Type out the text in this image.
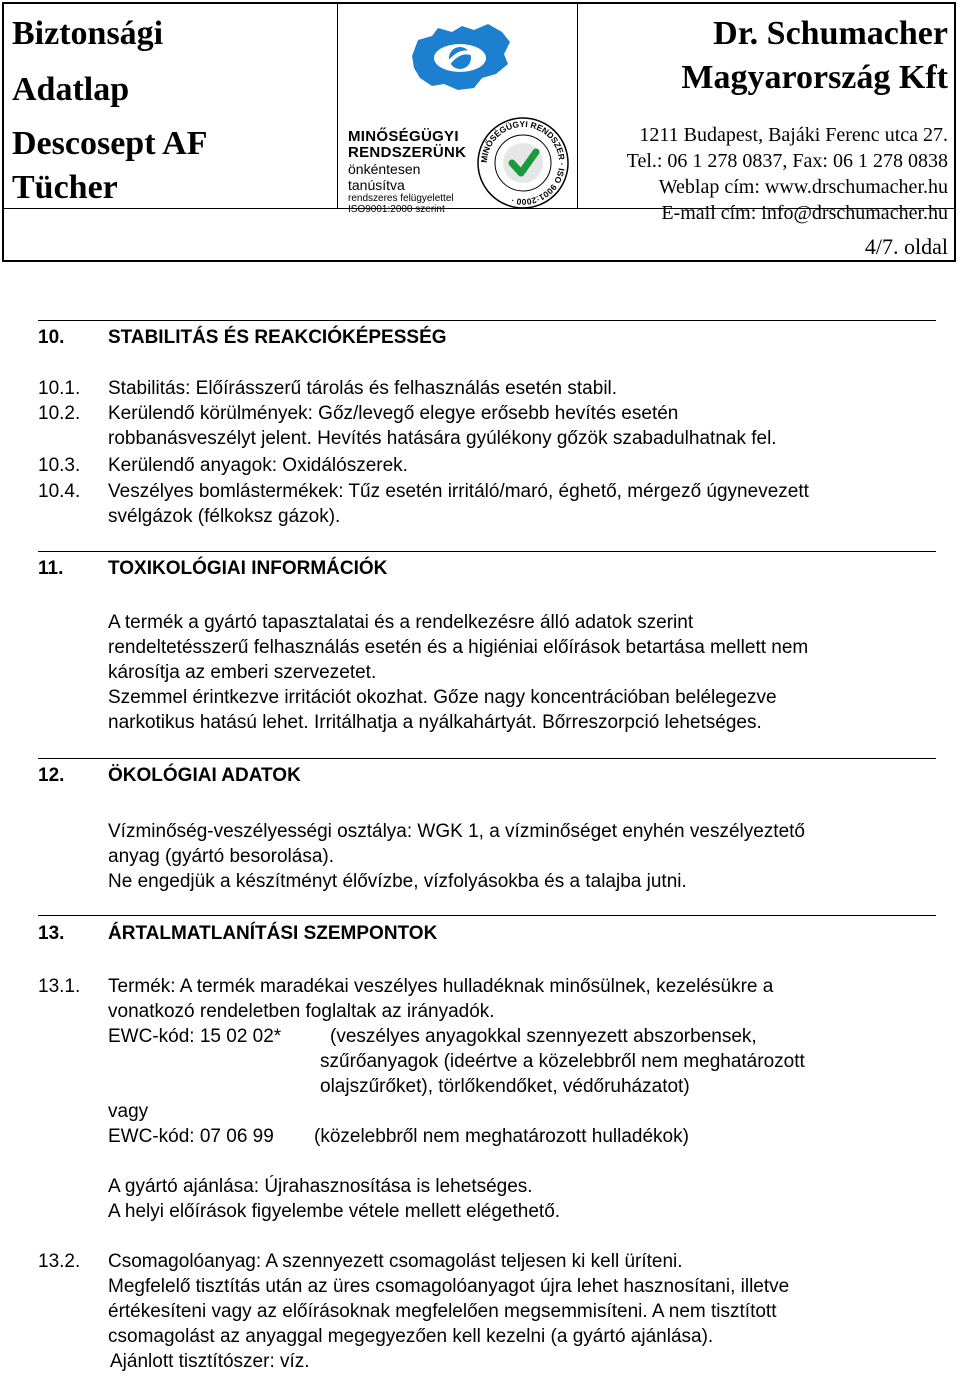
Biztonsági
Adatlap
Descosept AF
Tücher
Dr. Schumacher
Magyarország Kft
1211 Budapest, Bajáki Ferenc utca 27.
Tel.: 06 1 278 0837, Fax: 06 1 278 0838
Weblap cím: www.drschumacher.hu
E-mail cím: info@drschumacher.hu
4/7. oldal
MINŐSÉGÜGYI
RENDSZERÜNK
önkéntesen tanúsítva
rendszeres felügyelettel
ISO9001:2000 szerint
MINŐSÉGÜGYI RENDSZER · ISO 9001:2000 ·
10. STABILITÁS ÉS REAKCIÓKÉPESSÉG
10.1. Stabilitás: Előírásszerű tárolás és felhasználás esetén stabil.
10.2. Kerülendő körülmények: Gőz/levegő elegye erősebb hevítés esetén
robbanásveszélyt jelent. Hevítés hatására gyúlékony gőzök szabadulhatnak fel.
10.3. Kerülendő anyagok: Oxidálószerek.
10.4. Veszélyes bomlástermékek: Tűz esetén irritáló/maró, éghető, mérgező úgynevezett
svélgázok (félkoksz gázok).
11. TOXIKOLÓGIAI INFORMÁCIÓK
A termék a gyártó tapasztalatai és a rendelkezésre álló adatok szerint
rendeltetésszerű felhasználás esetén és a higiéniai előírások betartása mellett nem
károsítja az emberi szervezetet.
Szemmel érintkezve irritációt okozhat. Gőze nagy koncentrációban belélegezve
narkotikus hatású lehet. Irritálhatja a nyálkahártyát. Bőrreszorpció lehetséges.
12. ÖKOLÓGIAI ADATOK
Vízminőség-veszélyességi osztálya: WGK 1, a vízminőséget enyhén veszélyeztető
anyag (gyártó besorolása).
Ne engedjük a készítményt élővízbe, vízfolyásokba és a talajba jutni.
13. ÁRTALMATLANÍTÁSI SZEMPONTOK
13.1. Termék: A termék maradékai veszélyes hulladéknak minősülnek, kezelésükre a
vonatkozó rendeletben foglaltak az irányadók.
EWC-kód: 15 02 02*	(veszélyes anyagokkal szennyezett abszorbensek,
szűrőanyagok (ideértve a közelebbről nem meghatározott
olajszűrőket), törlőkendőket, védőruházatot)
vagy
EWC-kód: 07 06 99 (közelebbről nem meghatározott hulladékok)
A gyártó ajánlása: Újrahasznosítása is lehetséges.
A helyi előírások figyelembe vétele mellett elégethető.
13.2. Csomagolóanyag: A szennyezett csomagolást teljesen ki kell üríteni.
Megfelelő tisztítás után az üres csomagolóanyagot újra lehet hasznosítani, illetve
értékesíteni vagy az előírásoknak megfelelően megsemmisíteni. A nem tisztított
csomagolást az anyaggal megegyezően kell kezelni (a gyártó ajánlása).
Ajánlott tisztítószer: víz.
